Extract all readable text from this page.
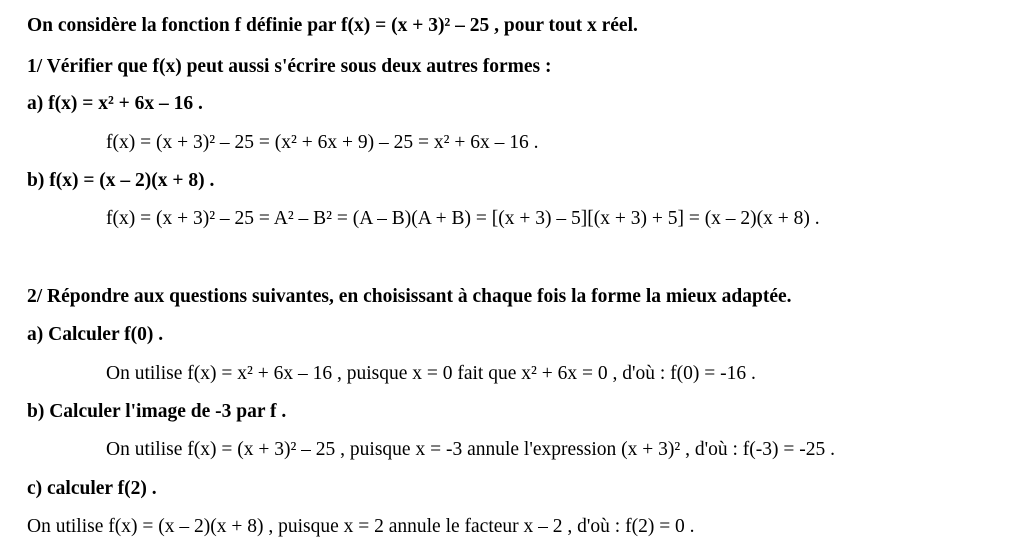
On considère la fonction f définie par f(x) = (x + 3)² – 25 , pour tout x réel.
1/ Vérifier que f(x) peut aussi s'écrire sous deux autres formes :
a) f(x) = x² + 6x – 16 .
f(x) = (x + 3)² – 25 = (x² + 6x + 9) – 25 = x² + 6x – 16 .
b) f(x) = (x – 2)(x + 8) .
f(x) = (x + 3)² – 25 = A² – B² = (A – B)(A + B) = [(x + 3) – 5][(x + 3) + 5] = (x – 2)(x + 8) .
2/ Répondre aux questions suivantes, en choisissant à chaque fois la forme la mieux adaptée.
a) Calculer f(0) .
On utilise f(x) = x² + 6x – 16 , puisque x = 0 fait que x² + 6x = 0 , d'où : f(0) = -16 .
b) Calculer l'image de -3 par f .
On utilise f(x) = (x + 3)² – 25 , puisque x = -3 annule l'expression (x + 3)² , d'où : f(-3) = -25 .
c) calculer f(2) .
On utilise f(x) = (x – 2)(x + 8) , puisque x = 2 annule le facteur x – 2 , d'où : f(2) = 0 .
